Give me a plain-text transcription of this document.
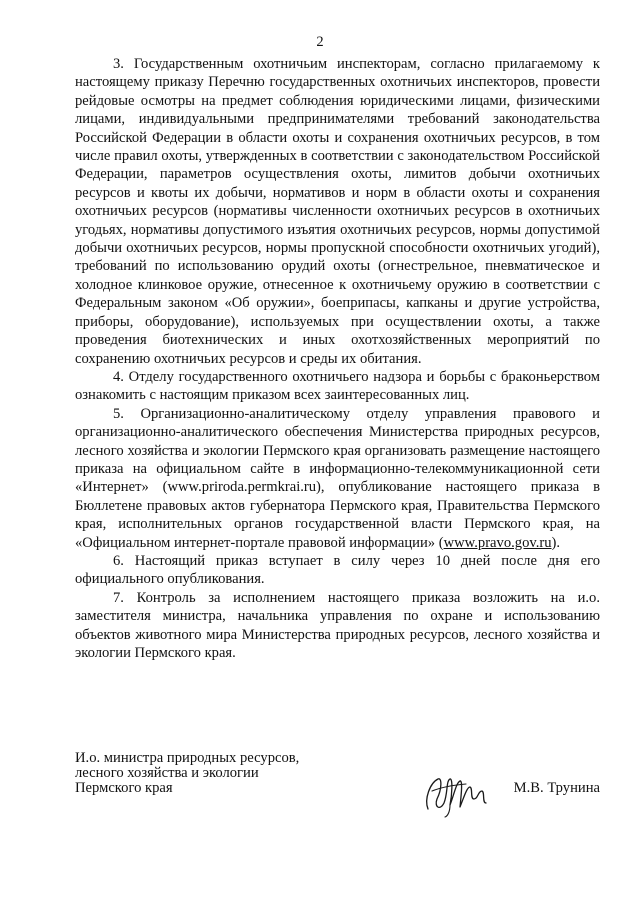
2

3. Государственным охотничьим инспекторам, согласно прилагаемому к настоящему приказу Перечню государственных охотничьих инспекторов, провести рейдовые осмотры на предмет соблюдения юридическими лицами, физическими лицами, индивидуальными предпринимателями требований законодательства Российской Федерации в области охоты и сохранения охотничьих ресурсов, в том числе правил охоты, утвержденных в соответствии с законодательством Российской Федерации, параметров осуществления охоты, лимитов добычи охотничьих ресурсов и квоты их добычи, нормативов и норм в области охоты и сохранения охотничьих ресурсов (нормативы численности охотничьих ресурсов в охотничьих угодьях, нормативы допустимого изъятия охотничьих ресурсов, нормы допустимой добычи охотничьих ресурсов, нормы пропускной способности охотничьих угодий), требований по использованию орудий охоты (огнестрельное, пневматическое и холодное клинковое оружие, отнесенное к охотничьему оружию в соответствии с Федеральным законом «Об оружии», боеприпасы, капканы и другие устройства, приборы, оборудование), используемых при осуществлении охоты, а также проведения биотехнических и иных охотхозяйственных мероприятий по сохранению охотничьих ресурсов и среды их обитания.

4. Отделу государственного охотничьего надзора и борьбы с браконьерством ознакомить с настоящим приказом всех заинтересованных лиц.

5. Организационно-аналитическому отделу управления правового и организационно-аналитического обеспечения Министерства природных ресурсов, лесного хозяйства и экологии Пермского края организовать размещение настоящего приказа на официальном сайте в информационно-телекоммуникационной сети «Интернет» (www.priroda.permkrai.ru), опубликование настоящего приказа в Бюллетене правовых актов губернатора Пермского края, Правительства Пермского края, исполнительных органов государственной власти Пермского края, на «Официальном интернет-портале правовой информации» (www.pravo.gov.ru).

6. Настоящий приказ вступает в силу через 10 дней после дня его официального опубликования.

7. Контроль за исполнением настоящего приказа возложить на и.о. заместителя министра, начальника управления по охране и использованию объектов животного мира Министерства природных ресурсов, лесного хозяйства и экологии Пермского края.

И.о. министра природных ресурсов,
лесного хозяйства и экологии
Пермского края	М.В. Трунина
